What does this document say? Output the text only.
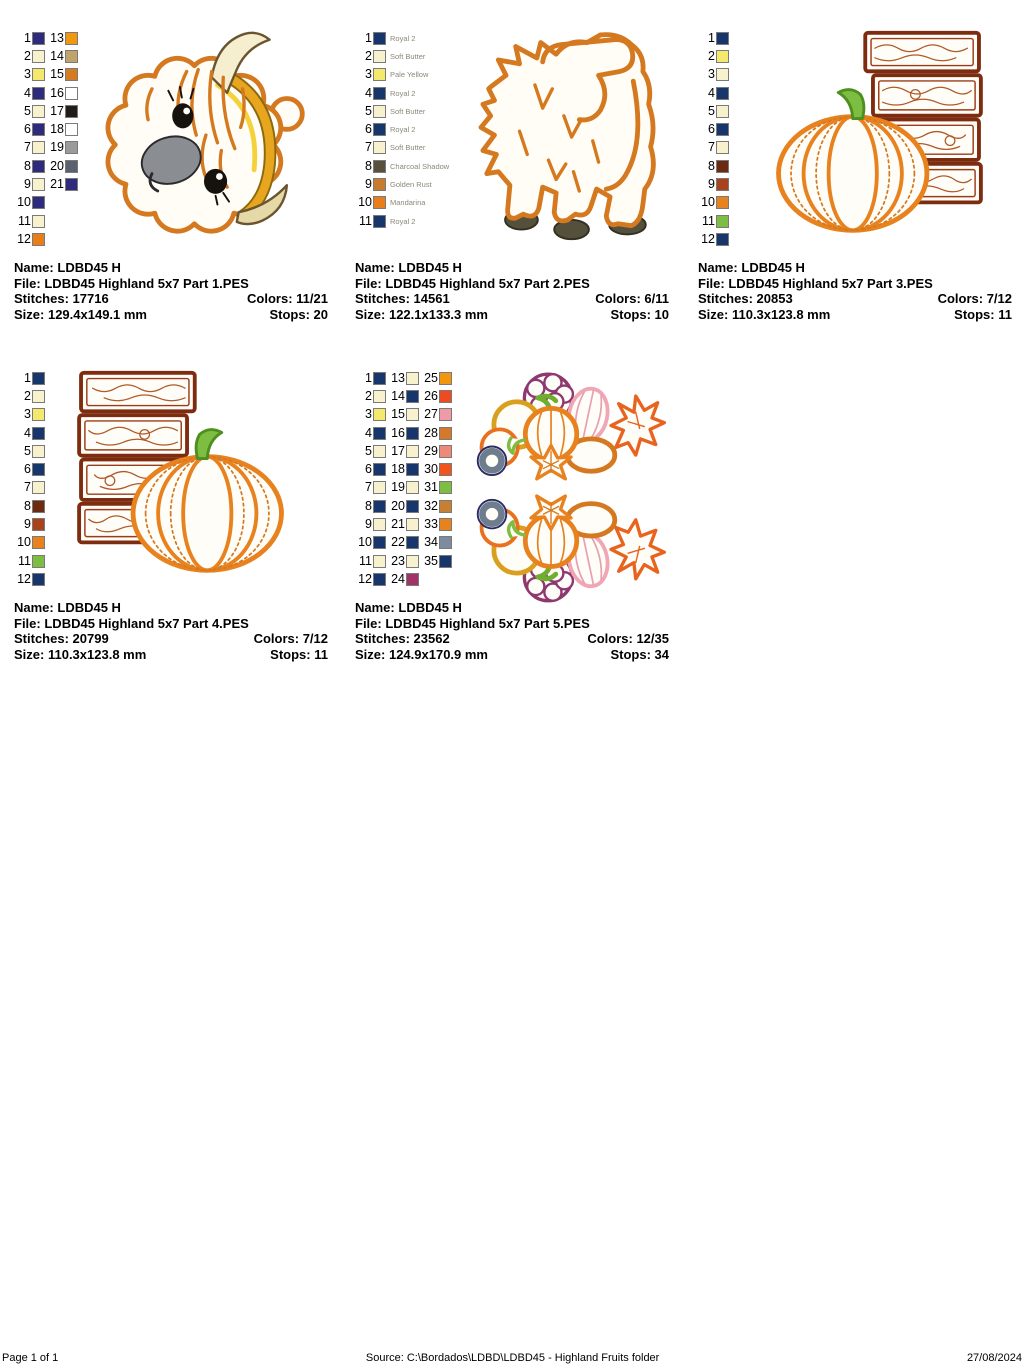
1
2
3
4
5
6
7
8
9
10
11
12
13
14
15
16
17
18
19
20
21
Name: LDBD45 H
File: LDBD45 Highland 5x7 Part 1.PES
Stitches: 17716	Colors: 11/21
Size: 129.4x149.1 mm	Stops: 20
1 Royal 2
2 Soft Butter
3 Pale Yellow
4 Royal 2
5 Soft Butter
6 Royal 2
7 Soft Butter
8 Charcoal Shadow
9 Golden Rust
10 Mandarina
11 Royal 2
Name: LDBD45 H
File: LDBD45 Highland 5x7 Part 2.PES
Stitches: 14561	Colors: 6/11
Size: 122.1x133.3 mm	Stops: 10
1
2
3
4
5
6
7
8
9
10
11
12
Name: LDBD45 H
File: LDBD45 Highland 5x7 Part 3.PES
Stitches: 20853	Colors: 7/12
Size: 110.3x123.8 mm	Stops: 11
1
2
3
4
5
6
7
8
9
10
11
12
Name: LDBD45 H
File: LDBD45 Highland 5x7 Part 4.PES
Stitches: 20799	Colors: 7/12
Size: 110.3x123.8 mm	Stops: 11
1
2
3
4
5
6
7
8
9
10
11
12
13
14
15
16
17
18
19
20
21
22
23
24
25
26
27
28
29
30
31
32
33
34
35
Name: LDBD45 H
File: LDBD45 Highland 5x7 Part 5.PES
Stitches: 23562	Colors: 12/35
Size: 124.9x170.9 mm	Stops: 34
Page 1 of 1	Source: C:\Bordados\LDBD\LDBD45 - Highland Fruits folder	27/08/2024
